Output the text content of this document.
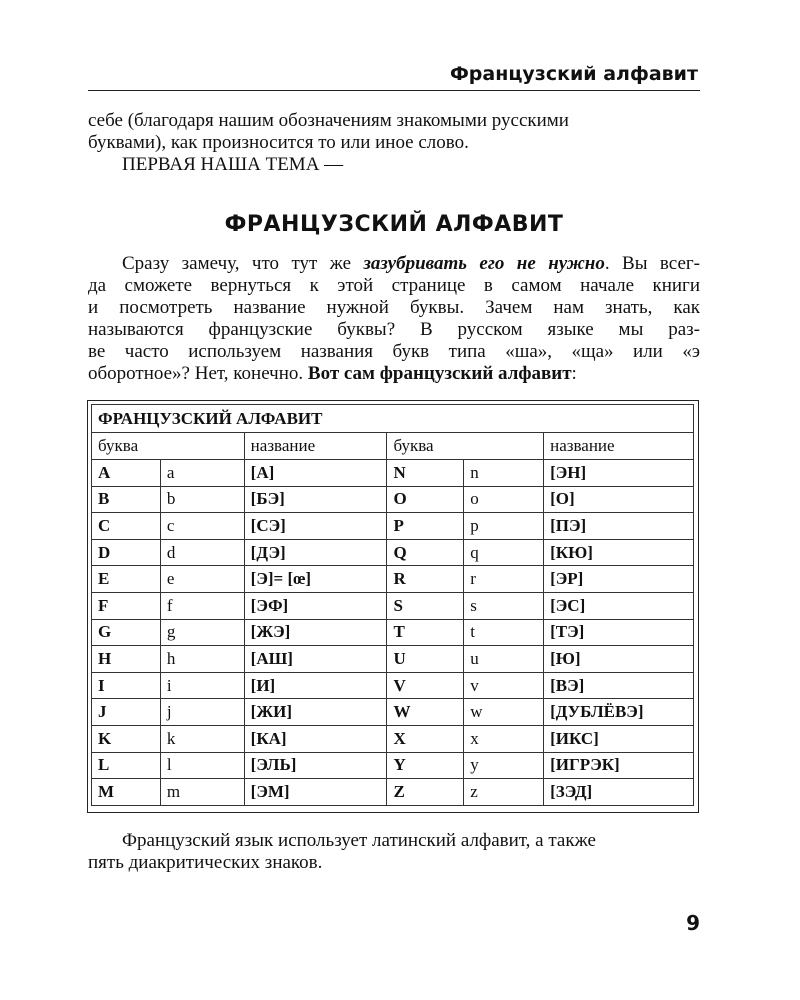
Французский алфавит

себе (благодаря нашим обозначениям знакомыми русскими
буквами), как произносится то или иное слово.
ПЕРВАЯ НАША ТЕМА —

ФРАНЦУЗСКИЙ АЛФАВИТ

Сразу замечу, что тут же зазубривать его не нужно. Вы всег-
да сможете вернуться к этой странице в самом начале книги
и посмотреть название нужной буквы. Зачем нам знать, как
называются французские буквы? В русском языке мы раз-
ве часто используем названия букв типа «ша», «ща» или «э
оборотное»? Нет, конечно. Вот сам французский алфавит:

ФРАНЦУЗСКИЙ АЛФАВИТ					
буква		название	буква		название
A	a	[А]	N	n	[ЭН]
B	b	[БЭ]	O	o	[О]
C	c	[СЭ]	P	p	[ПЭ]
D	d	[ДЭ]	Q	q	[КЮ]
E	e	[Э]= [œ]	R	r	[ЭР]
F	f	[ЭФ]	S	s	[ЭС]
G	g	[ЖЭ]	T	t	[ТЭ]
H	h	[АШ]	U	u	[Ю]
I	i	[И]	V	v	[ВЭ]
J	j	[ЖИ]	W	w	[ДУБЛЁВЭ]
K	k	[КА]	X	x	[ИКС]
L	l	[ЭЛЬ]	Y	y	[ИГРЭК]
M	m	[ЭМ]	Z	z	[ЗЭД]

Французский язык использует латинский алфавит, а также
пять диакритических знаков.

9
